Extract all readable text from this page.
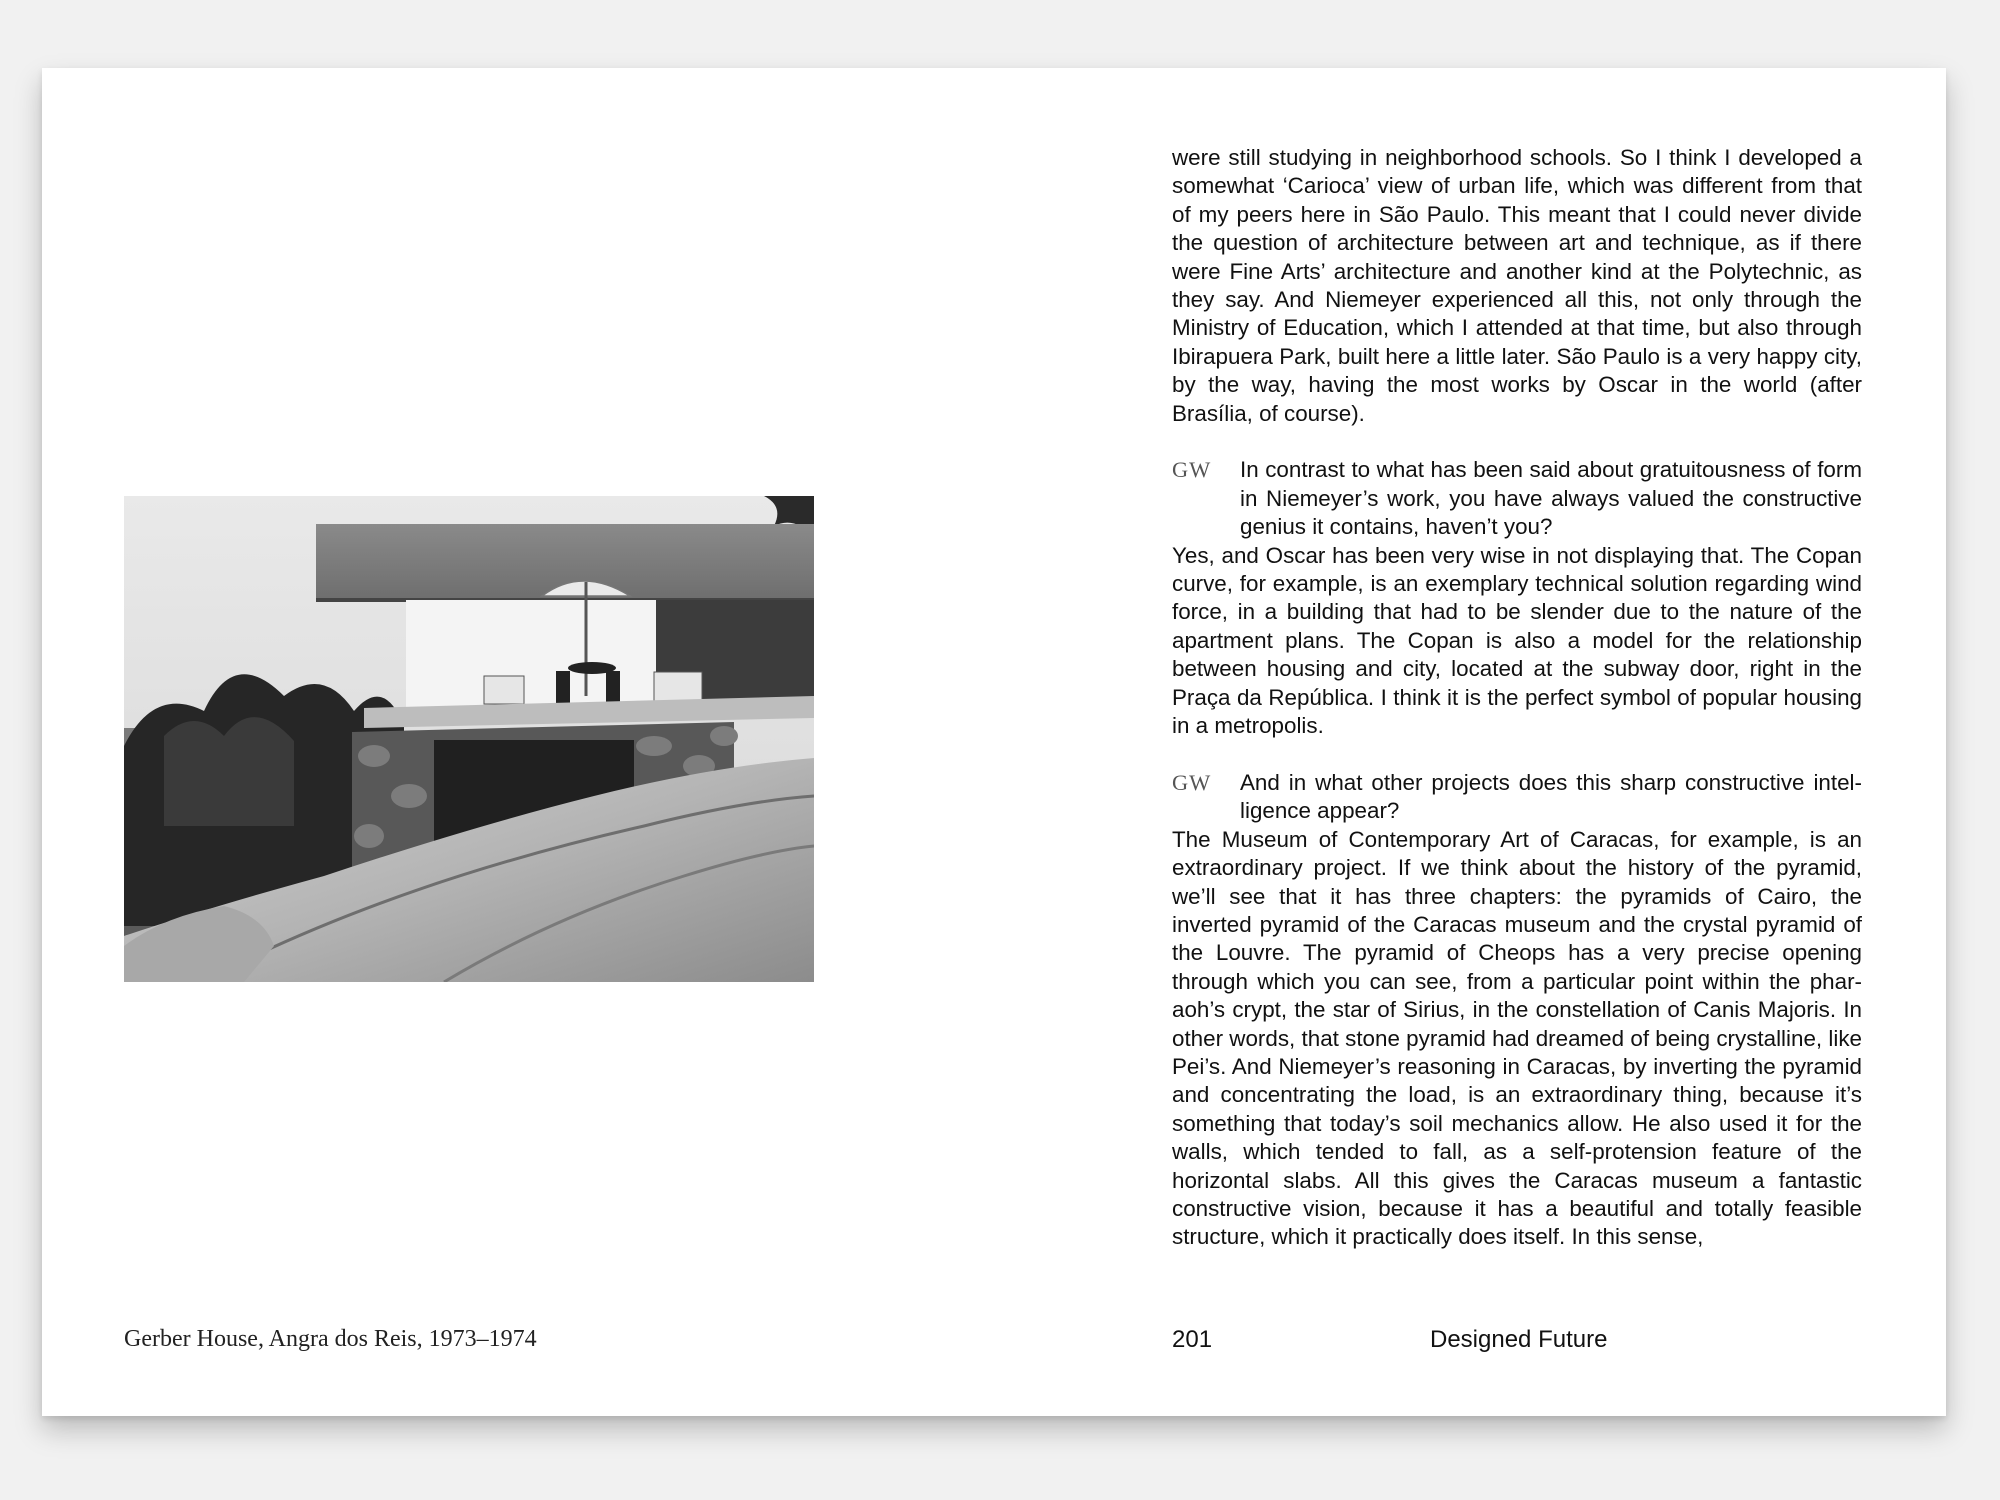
Gerber House, Angra dos Reis, 1973–1974

were still studying in neighborhood schools. So I think I developed a somewhat ‘Carioca’ view of urban life, which was different from that of my peers here in São Paulo. This meant that I could never divide the question of architecture between art and technique, as if there were Fine Arts’ architecture and another kind at the Polytechnic, as they say. And Niemeyer experienced all this, not only through the Ministry of Education, which I attended at that time, but also through Ibirapuera Park, built here a little later. São Paulo is a very happy city, by the way, having the most works by Oscar in the world (after Brasília, of course).

GW In contrast to what has been said about gratuitousness of form in Niemeyer’s work, you have always valued the constructive genius it contains, haven’t you?

Yes, and Oscar has been very wise in not displaying that. The Copan curve, for example, is an exemplary technical solution regarding wind force, in a building that had to be slender due to the nature of the apartment plans. The Copan is also a model for the relationship between housing and city, located at the subway door, right in the Praça da República. I think it is the perfect symbol of popular housing in a metropolis.

GW And in what other projects does this sharp constructive intelligence appear?

The Museum of Contemporary Art of Caracas, for example, is an extraordinary project. If we think about the history of the pyramid, we’ll see that it has three chapters: the pyramids of Cairo, the inverted pyramid of the Caracas museum and the crystal pyramid of the Louvre. The pyramid of Cheops has a very precise opening through which you can see, from a particular point within the pharaoh’s crypt, the star of Sirius, in the constellation of Canis Majoris. In other words, that stone pyramid had dreamed of being crystalline, like Pei’s. And Niemeyer’s reasoning in Caracas, by inverting the pyramid and concentrating the load, is an extraordinary thing, because it’s something that today’s soil mechanics allow. He also used it for the walls, which tended to fall, as a self-protension feature of the horizontal slabs. All this gives the Caracas museum a fantastic constructive vision, because it has a beautiful and totally feasible structure, which it practically does itself. In this sense,

201	Designed Future
